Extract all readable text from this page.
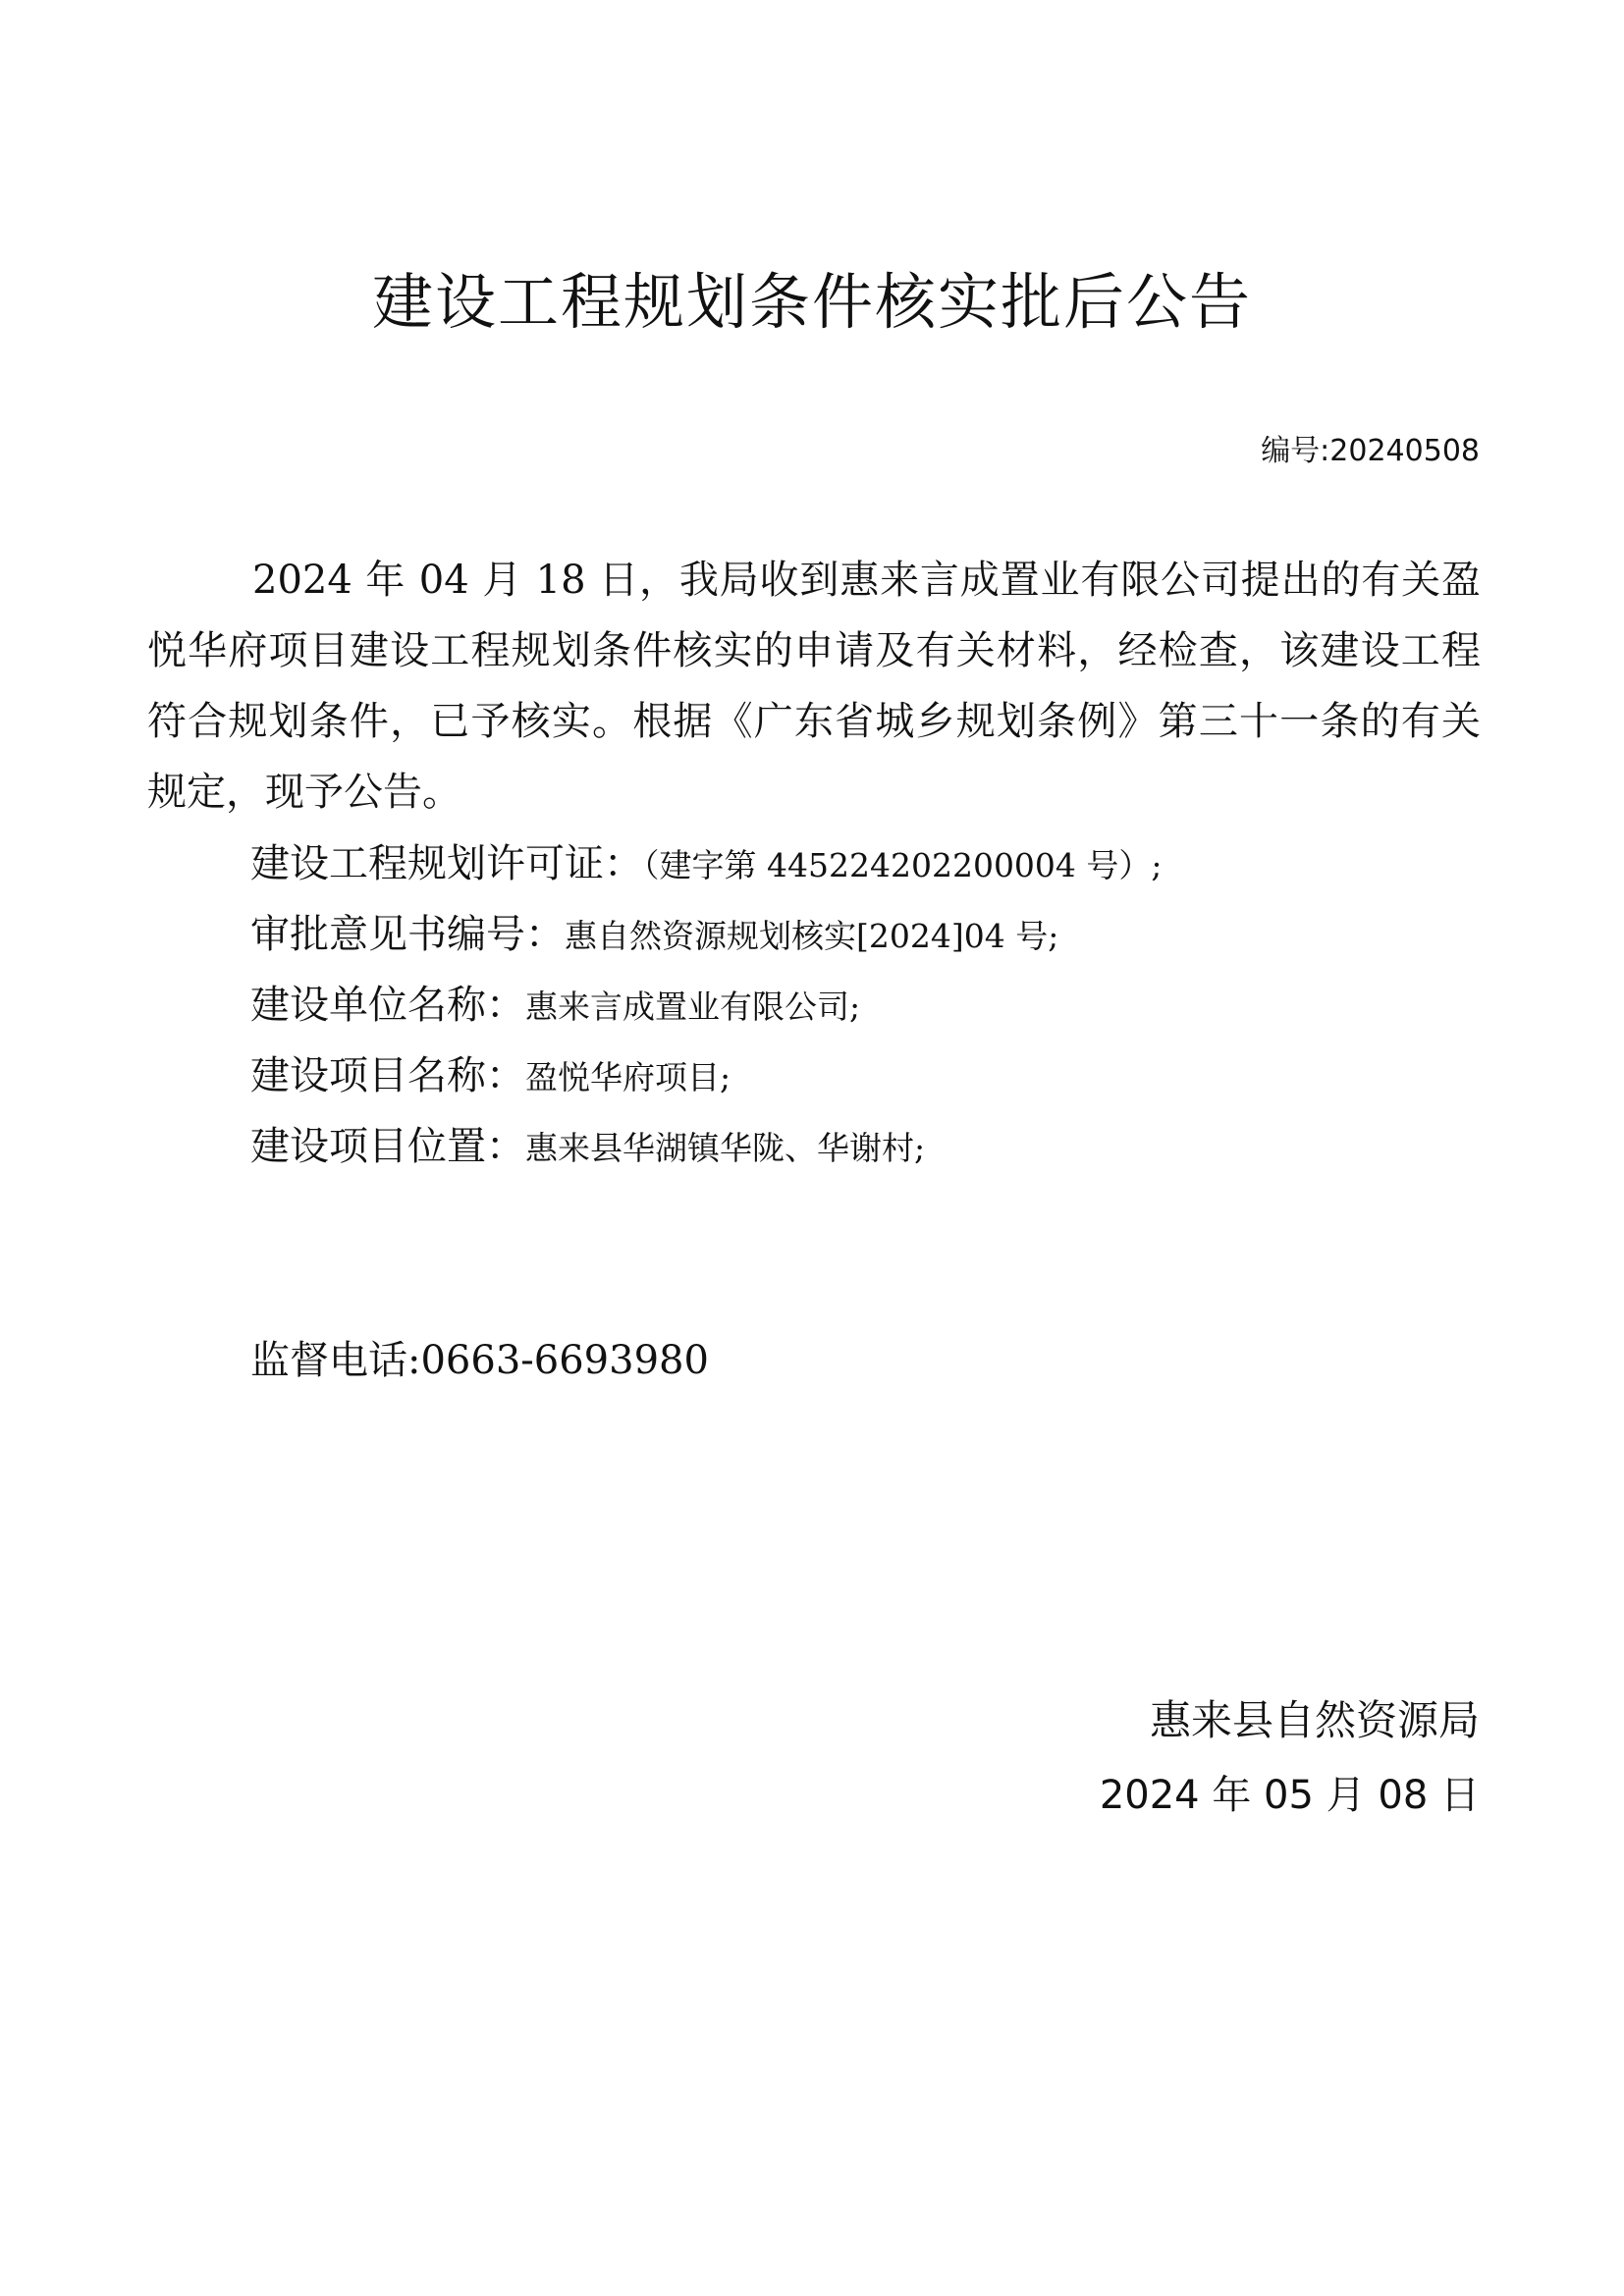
建设工程规划条件核实批后公告
编号:20240508

2024 年 04 月 18 日，我局收到惠来言成置业有限公司提出的有关盈悦华府项目建设工程规划条件核实的申请及有关材料，经检查，该建设工程符合规划条件，已予核实。根据《广东省城乡规划条例》第三十一条的有关规定，现予公告。

建设工程规划许可证：（建字第 445224202200004 号）;
审批意见书编号：惠自然资源规划核实[2024]04 号;
建设单位名称：惠来言成置业有限公司;
建设项目名称：盈悦华府项目;
建设项目位置：惠来县华湖镇华陇、华谢村;
监督电话:0663-6693980
惠来县自然资源局
2024 年 05 月 08 日
